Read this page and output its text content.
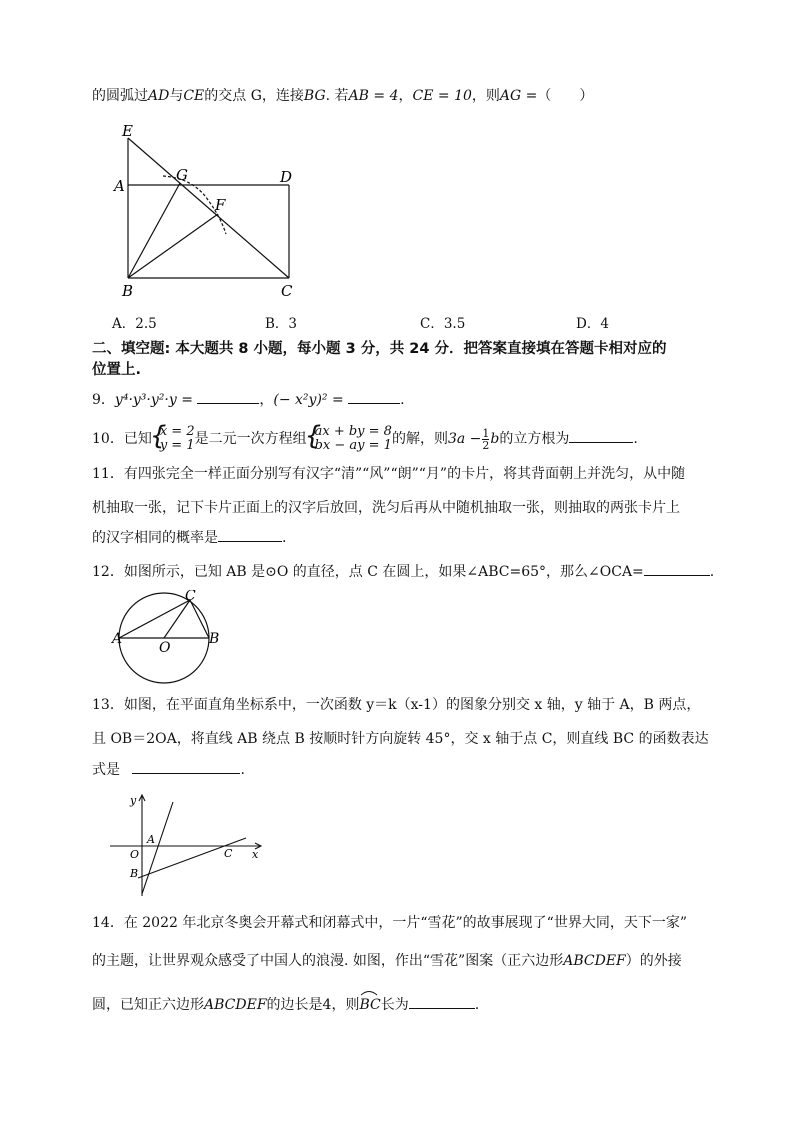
的圆弧过AD与CE的交点 G，连接BG. 若AB = 4，CE = 10，则AG =（　　）
E
G	D
A
F
B	C
A．2.5	B．3	C．3.5	D．4
二、填空题: 本大题共 8 小题，每小题 3 分，共 24 分．把答案直接填在答题卡相对应的
位置上.
9．y⁴·y³·y²·y =	，(− x²y)² =	.
10．已知 { x = 2
y = 1 是二元一次方程组 { ax + by = 8
bx − ay = 1 的解，则$3a - \frac{1}{2}$ b的立方根为	.
11．有四张完全一样正面分别写有汉字“清”“风”“朗”“月”的卡片，将其背面朝上并洗匀，从中随
机抽取一张，记下卡片正面上的汉字后放回，洗匀后再从中随机抽取一张，则抽取的两张卡片上
的汉字相同的概率是	.
12．如图所示，已知 AB 是⊙O 的直径，点 C 在圆上，如果∠ABC=65°，那么∠OCA=	.
A	B
C
O
13．如图，在平面直角坐标系中，一次函数 y＝k（x-1）的图象分别交 x 轴，y 轴于 A，B 两点，
且 OB＝2OA，将直线 AB 绕点 B 按顺时针方向旋转 45°，交 x 轴于点 C，则直线 BC 的函数表达
式是	.
y
x
O
A
B
C
14．在 2022 年北京冬奥会开幕式和闭幕式中，一片“雪花”的故事展现了“世界大同，天下一家”
的主题，让世界观众感受了中国人的浪漫. 如图，作出“雪花”图案（正六边形ABCDEF）的外接
圆，已知正六边形ABCDEF的边长是4，则BC
长为	.
